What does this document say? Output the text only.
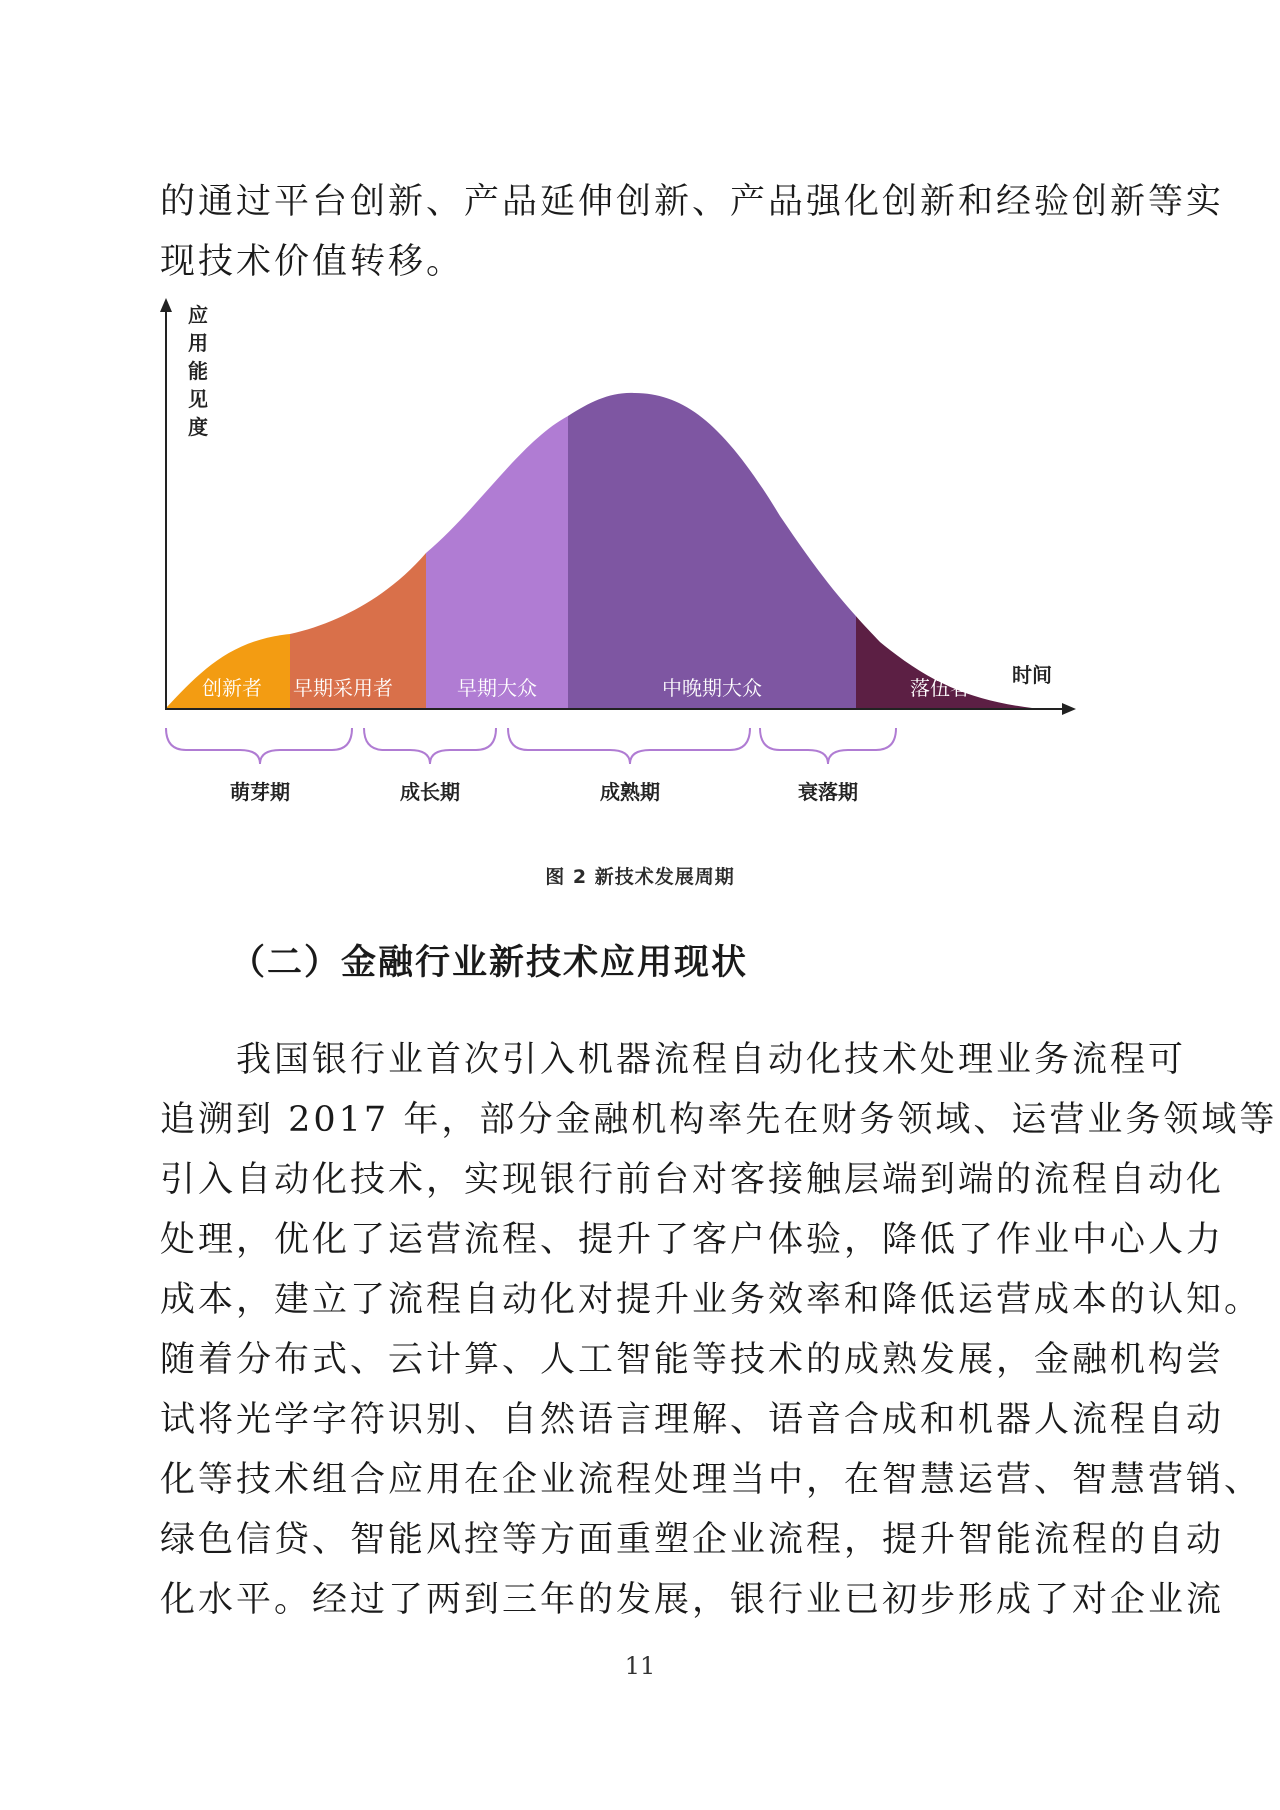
的通过平台创新、产品延伸创新、产品强化创新和经验创新等实
现技术价值转移。

应
用
能
见
度
时间
创新者 早期采用者	早期大众	中晚期大众	落伍者
萌芽期	成长期	成熟期	衰落期
图 2 新技术发展周期
（二）金融行业新技术应用现状

　　我国银行业首次引入机器流程自动化技术处理业务流程可
追溯到 2017 年，部分金融机构率先在财务领域、运营业务领域等
引入自动化技术，实现银行前台对客接触层端到端的流程自动化
处理，优化了运营流程、提升了客户体验，降低了作业中心人力
成本，建立了流程自动化对提升业务效率和降低运营成本的认知。
随着分布式、云计算、人工智能等技术的成熟发展，金融机构尝
试将光学字符识别、自然语言理解、语音合成和机器人流程自动
化等技术组合应用在企业流程处理当中，在智慧运营、智慧营销、
绿色信贷、智能风控等方面重塑企业流程，提升智能流程的自动
化水平。经过了两到三年的发展，银行业已初步形成了对企业流

11
